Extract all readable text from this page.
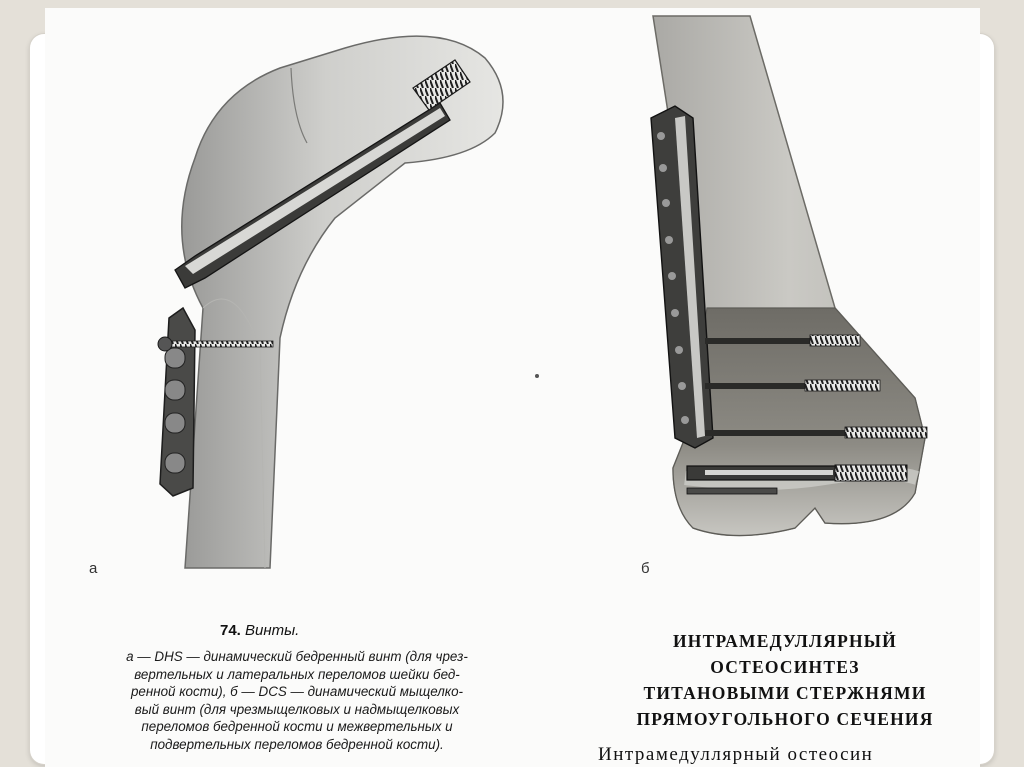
а	б
74. Винты.
а — DHS — динамический бедренный винт (для чрез-
вертельных и латеральных переломов шейки бед-
ренной кости), б — DCS — динамический мыщелко-
вый винт (для чрезмыщелковых и надмыщелковых
переломов бедренной кости и межвертельных и
подвертельных переломов бедренной кости).
ИНТРАМЕДУЛЛЯРНЫЙ
ОСТЕОСИНТЕЗ
ТИТАНОВЫМИ СТЕРЖНЯМИ
ПРЯМОУГОЛЬНОГО СЕЧЕНИЯ
Интрамедуллярный остеосин
